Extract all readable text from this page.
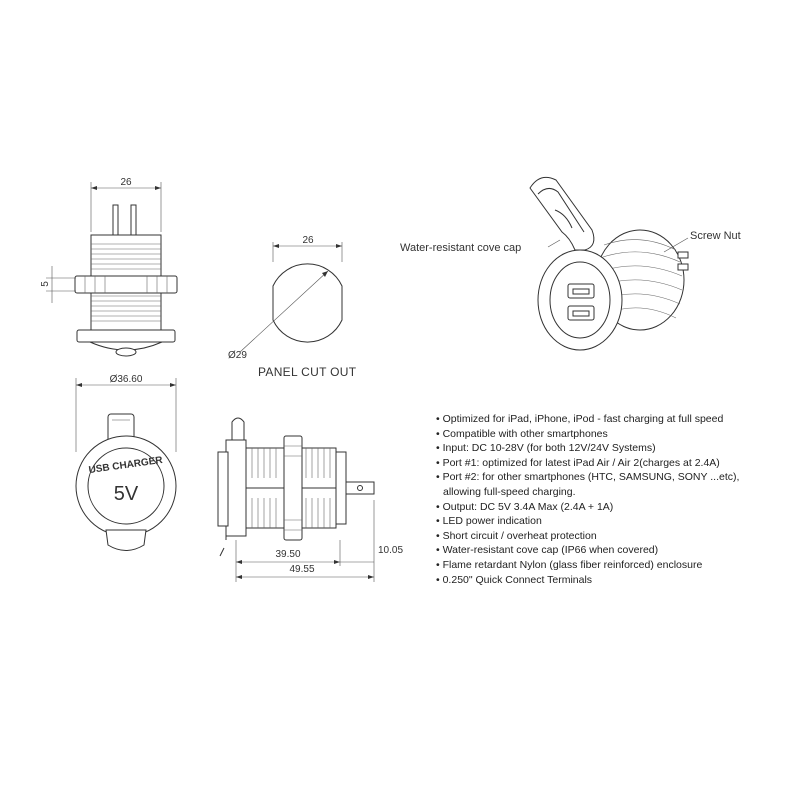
26
5
26
Ø29
PANEL CUT OUT
Water-resistant cove cap
Screw Nut
Ø36.60
USB CHARGER
5V
39.50	10.05
49.55
• Optimized for iPad, iPhone, iPod - fast charging at full speed
• Compatible with other smartphones
• Input: DC 10-28V (for both 12V/24V Systems)
• Port #1: optimized for latest iPad Air / Air 2(charges at 2.4A)
• Port #2: for other smartphones (HTC, SAMSUNG, SONY ...etc),
allowing full-speed charging.
• Output: DC 5V 3.4A Max (2.4A + 1A)
• LED power indication
• Short circuit / overheat protection
• Water-resistant cove cap (IP66 when covered)
• Flame retardant Nylon (glass fiber reinforced) enclosure
• 0.250" Quick Connect Terminals
